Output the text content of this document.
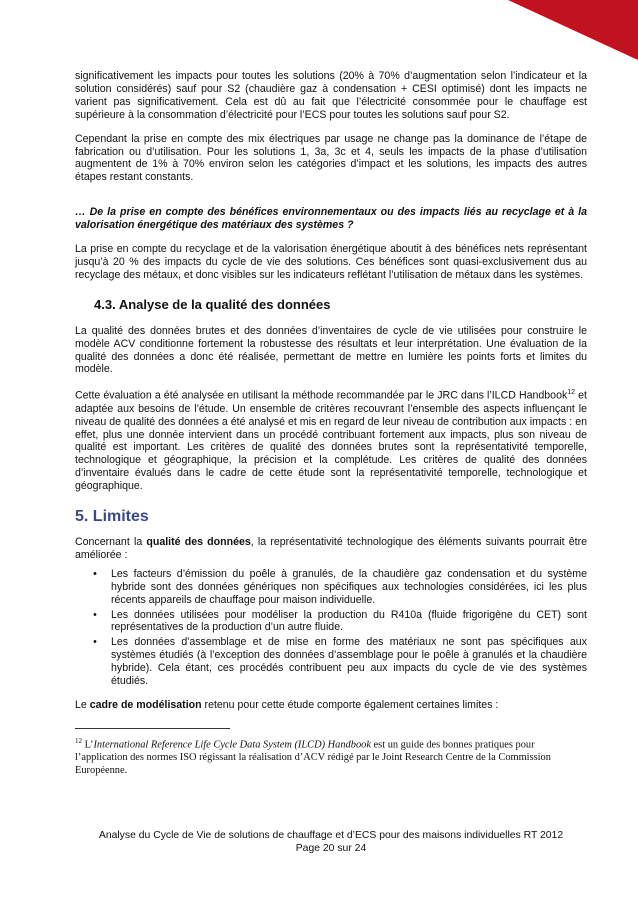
significativement les impacts pour toutes les solutions (20% à 70% d’augmentation selon l’indicateur et la solution considérés) sauf pour S2 (chaudière gaz à condensation + CESI optimisé) dont les impacts ne varient pas significativement. Cela est dû au fait que l’électricité consommée pour le chauffage est supérieure à la consommation d’électricité pour l’ECS pour toutes les solutions sauf pour S2.

Cependant la prise en compte des mix électriques par usage ne change pas la dominance de l’étape de fabrication ou d’utilisation. Pour les solutions 1, 3a, 3c et 4, seuls les impacts de la phase d’utilisation augmentent de 1% à 70% environ selon les catégories d’impact et les solutions, les impacts des autres étapes restant constants.

… De la prise en compte des bénéfices environnementaux ou des impacts liés au recyclage et à la valorisation énergétique des matériaux des systèmes ?

La prise en compte du recyclage et de la valorisation énergétique aboutit à des bénéfices nets représentant jusqu’à 20 % des impacts du cycle de vie des solutions. Ces bénéfices sont quasi-exclusivement dus au recyclage des métaux, et donc visibles sur les indicateurs reflétant l’utilisation de métaux dans les systèmes.

4.3. Analyse de la qualité des données

La qualité des données brutes et des données d’inventaires de cycle de vie utilisées pour construire le modèle ACV conditionne fortement la robustesse des résultats et leur interprétation. Une évaluation de la qualité des données a donc été réalisée, permettant de mettre en lumière les points forts et limites du modèle.

Cette évaluation a été analysée en utilisant la méthode recommandée par le JRC dans l’ILCD Handbook$^{12}$ et adaptée aux besoins de l’étude. Un ensemble de critères recouvrant l’ensemble des aspects influençant le niveau de qualité des données a été analysé et mis en regard de leur niveau de contribution aux impacts : en effet, plus une donnée intervient dans un procédé contribuant fortement aux impacts, plus son niveau de qualité est important. Les critères de qualité des données brutes sont la représentativité temporelle, technologique et géographique, la précision et la complétude. Les critères de qualité des données d’inventaire évalués dans le cadre de cette étude sont la représentativité temporelle, technologique et géographique.

5. Limites

Concernant la qualité des données, la représentativité technologique des éléments suivants pourrait être améliorée :

•	Les facteurs d’émission du poêle à granulés, de la chaudière gaz condensation et du système hybride sont des données génériques non spécifiques aux technologies considérées, ici les plus récents appareils de chauffage pour maison individuelle.
•	Les données utilisées pour modéliser la production du R410a (fluide frigorigène du CET) sont représentatives de la production d’un autre fluide.
•	Les données d'assemblage et de mise en forme des matériaux ne sont pas spécifiques aux systèmes étudiés (à l’exception des données d’assemblage pour le poêle à granulés et la chaudière hybride). Cela étant, ces procédés contribuent peu aux impacts du cycle de vie des systèmes étudiés.

Le cadre de modélisation retenu pour cette étude comporte également certaines limites :

$^{12}$ L’International Reference Life Cycle Data System (ILCD) Handbook est un guide des bonnes pratiques pour l’application des normes ISO régissant la réalisation d’ACV rédigé par le Joint Research Centre de la Commission Européenne.
Analyse du Cycle de Vie de solutions de chauffage et d’ECS pour des maisons individuelles RT 2012
Page 20 sur 24
